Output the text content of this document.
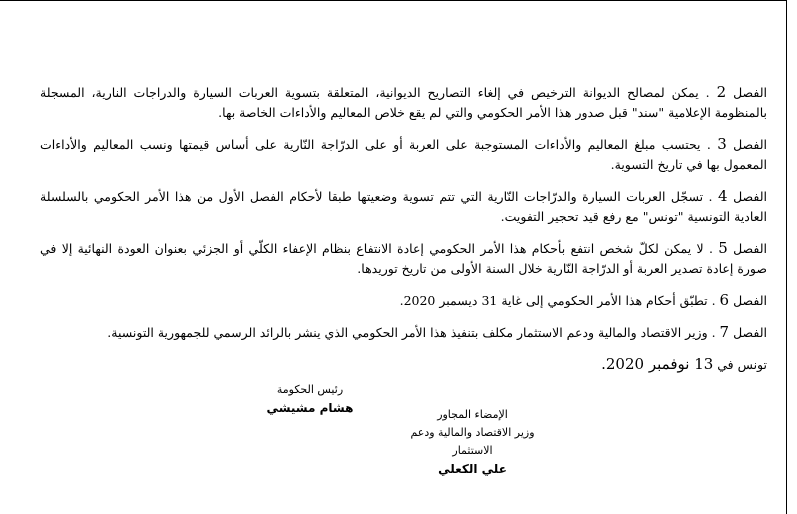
الفصل 2 . يمكن لمصالح الديوانة الترخيص في إلغاء التصاريح الديوانية، المتعلقة بتسوية العربات السيارة والدراجات النارية، المسجلة بالمنظومة الإعلامية "سند" قبل صدور هذا الأمر الحكومي والتي لم يقع خلاص المعاليم والأداءات الخاصة بها.

الفصل 3 . يحتسب مبلغ المعاليم والأداءات المستوجبة على العربة أو على الدرّاجة النّارية على أساس قيمتها ونسب المعاليم والأداءات المعمول بها في تاريخ التسوية.

الفصل 4 . تسجّل العربات السيارة والدرّاجات النّارية التي تتم تسوية وضعيتها طبقا لأحكام الفصل الأول من هذا الأمر الحكومي بالسلسلة العادية التونسية "تونس" مع رفع قيد تحجير التفويت.

الفصل 5 . لا يمكن لكلّ شخص انتفع بأحكام هذا الأمر الحكومي إعادة الانتفاع بنظام الإعفاء الكلّي أو الجزئي بعنوان العودة النهائية إلا في صورة إعادة تصدير العربة أو الدرّاجة النّارية خلال السنة الأولى من تاريخ توريدها.

الفصل 6 . تطبّق أحكام هذا الأمر الحكومي إلى غاية 31 ديسمبر 2020.

الفصل 7 . وزير الاقتصاد والمالية ودعم الاستثمار مكلف بتنفيذ هذا الأمر الحكومي الذي ينشر بالرائد الرسمي للجمهورية التونسية.

تونس في 13 نوفمبر 2020.

رئيس الحكومة
هشام مشيشي	الإمضاء المجاور
وزير الاقتصاد والمالية ودعم
الاستثمار
علي الكعلي
